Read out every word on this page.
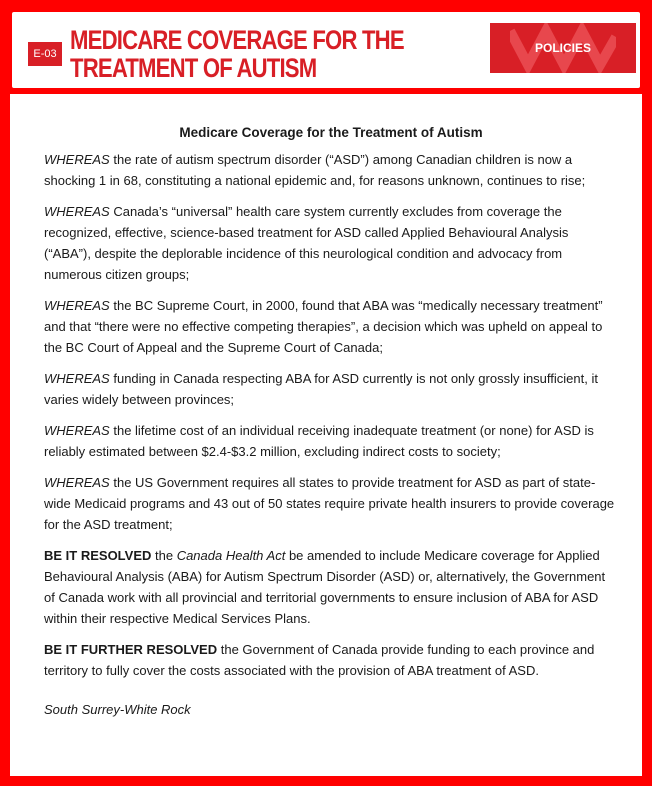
E-03 MEDICARE COVERAGE FOR THE TREATMENT OF AUTISM
POLICIES
Medicare Coverage for the Treatment of Autism

WHEREAS the rate of autism spectrum disorder (“ASD”) among Canadian children is now a shocking 1 in 68, constituting a national epidemic and, for reasons unknown, continues to rise;

WHEREAS Canada’s “universal” health care system currently excludes from coverage the recognized, effective, science-based treatment for ASD called Applied Behavioural Analysis (“ABA”), despite the deplorable incidence of this neurological condition and advocacy from numerous citizen groups;

WHEREAS the BC Supreme Court, in 2000, found that ABA was “medically necessary treatment” and that “there were no effective competing therapies”, a decision which was upheld on appeal to the BC Court of Appeal and the Supreme Court of Canada;

WHEREAS funding in Canada respecting ABA for ASD currently is not only grossly insufficient, it varies widely between provinces;

WHEREAS the lifetime cost of an individual receiving inadequate treatment (or none) for ASD is reliably estimated between $2.4-$3.2 million, excluding indirect costs to society;

WHEREAS the US Government requires all states to provide treatment for ASD as part of state-wide Medicaid programs and 43 out of 50 states require private health insurers to provide coverage for the ASD treatment;

BE IT RESOLVED the Canada Health Act be amended to include Medicare coverage for Applied Behavioural Analysis (ABA) for Autism Spectrum Disorder (ASD) or, alternatively, the Government of Canada work with all provincial and territorial governments to ensure inclusion of ABA for ASD within their respective Medical Services Plans.

BE IT FURTHER RESOLVED the Government of Canada provide funding to each province and territory to fully cover the costs associated with the provision of ABA treatment of ASD.

South Surrey-White Rock
